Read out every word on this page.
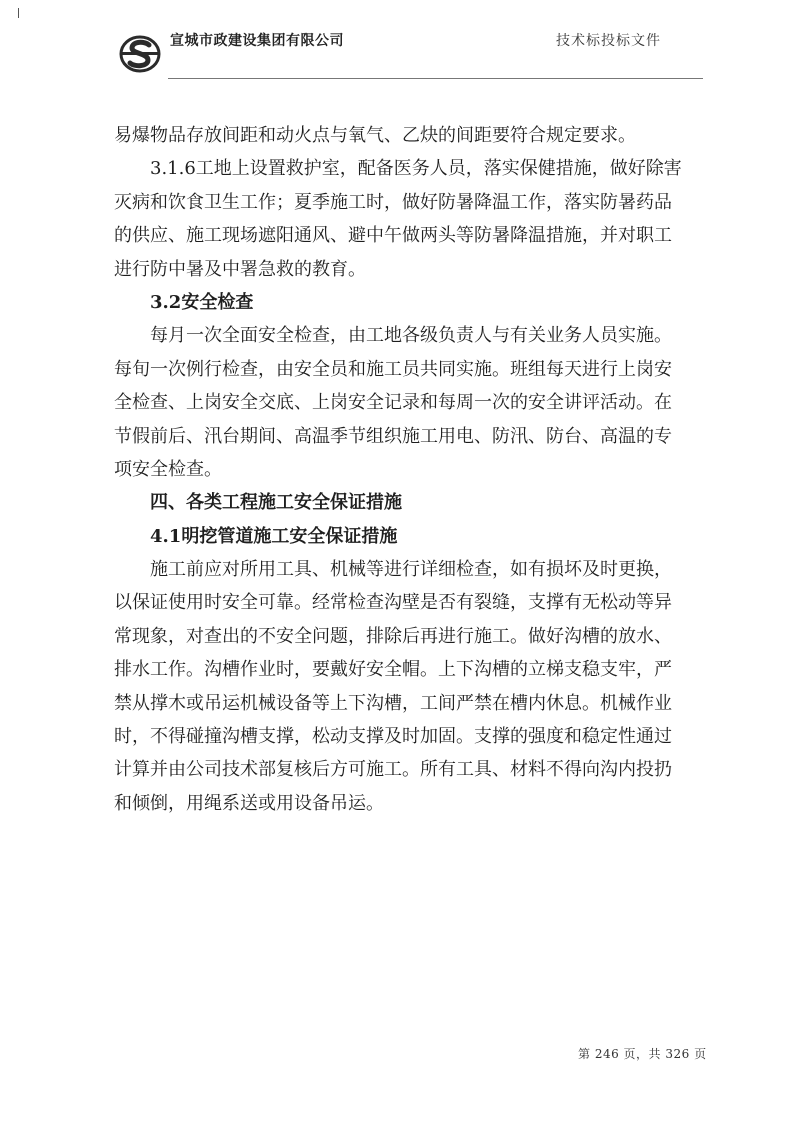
宣城市政建设集团有限公司	技术标投标文件
易爆物品存放间距和动火点与氧气、乙炔的间距要符合规定要求。
3.1.6工地上设置救护室，配备医务人员，落实保健措施，做好除害
灭病和饮食卫生工作；夏季施工时，做好防暑降温工作，落实防暑药品
的供应、施工现场遮阳通风、避中午做两头等防暑降温措施，并对职工
进行防中暑及中署急救的教育。
3.2安全检查
每月一次全面安全检查，由工地各级负责人与有关业务人员实施。
每旬一次例行检查，由安全员和施工员共同实施。班组每天进行上岗安
全检查、上岗安全交底、上岗安全记录和每周一次的安全讲评活动。在
节假前后、汛台期间、高温季节组织施工用电、防汛、防台、高温的专
项安全检查。
四、各类工程施工安全保证措施
4.1明挖管道施工安全保证措施
施工前应对所用工具、机械等进行详细检查，如有损坏及时更换，
以保证使用时安全可靠。经常检查沟壁是否有裂缝，支撑有无松动等异
常现象，对查出的不安全问题，排除后再进行施工。做好沟槽的放水、
排水工作。沟槽作业时，要戴好安全帽。上下沟槽的立梯支稳支牢，严
禁从撑木或吊运机械设备等上下沟槽，工间严禁在槽内休息。机械作业
时，不得碰撞沟槽支撑，松动支撑及时加固。支撑的强度和稳定性通过
计算并由公司技术部复核后方可施工。所有工具、材料不得向沟内投扔
和倾倒，用绳系送或用设备吊运。
第 246 页，共 326 页
